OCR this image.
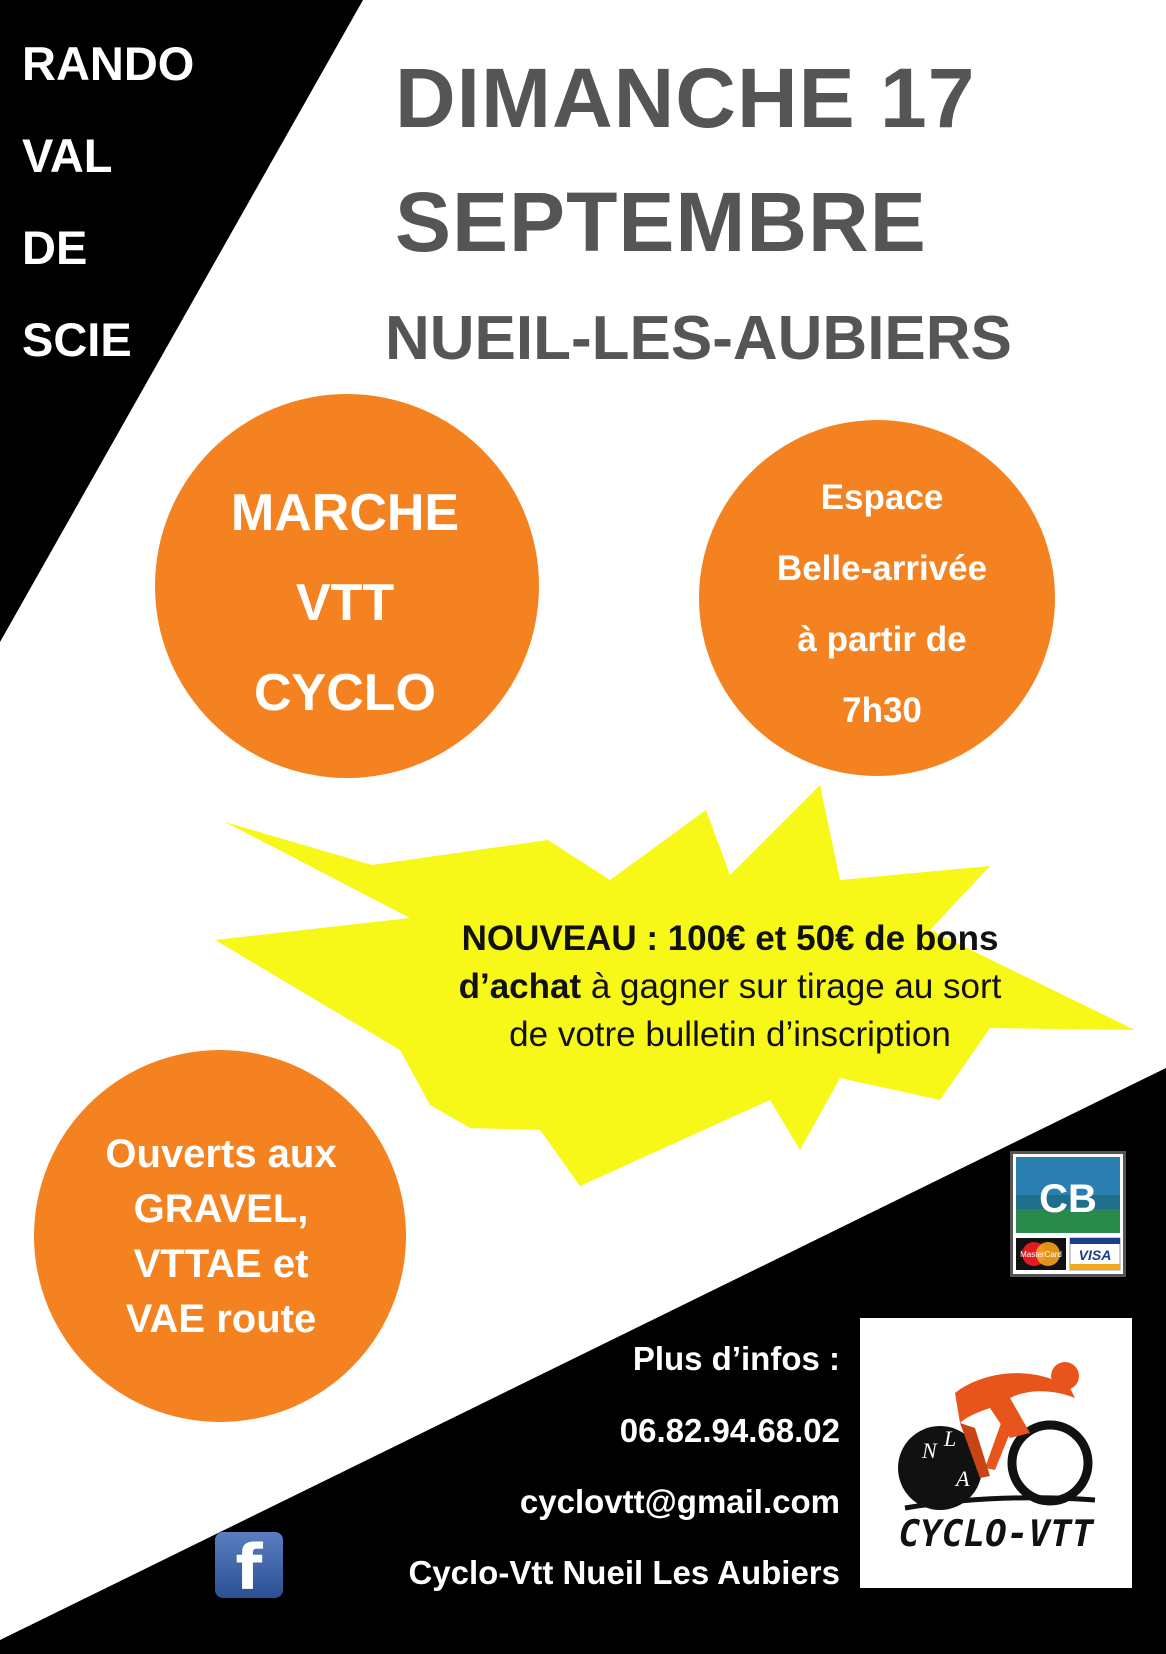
RANDO
VAL
DE
SCIE
DIMANCHE 17
SEPTEMBRE
NUEIL-LES-AUBIERS
MARCHE
VTT
CYCLO
Espace
Belle-arrivée
à partir de
7h30
NOUVEAU : 100€ et 50€ de bons
d’achat à gagner sur tirage au sort
de votre bulletin d’inscription
Ouverts aux
GRAVEL,
VTTAE et
VAE route
CB
MasterCard VISA
Plus d’infos :
06.82.94.68.02
cyclovtt@gmail.com
Cyclo-Vtt Nueil Les Aubiers
f
N L
A
CYCLO-VTT
